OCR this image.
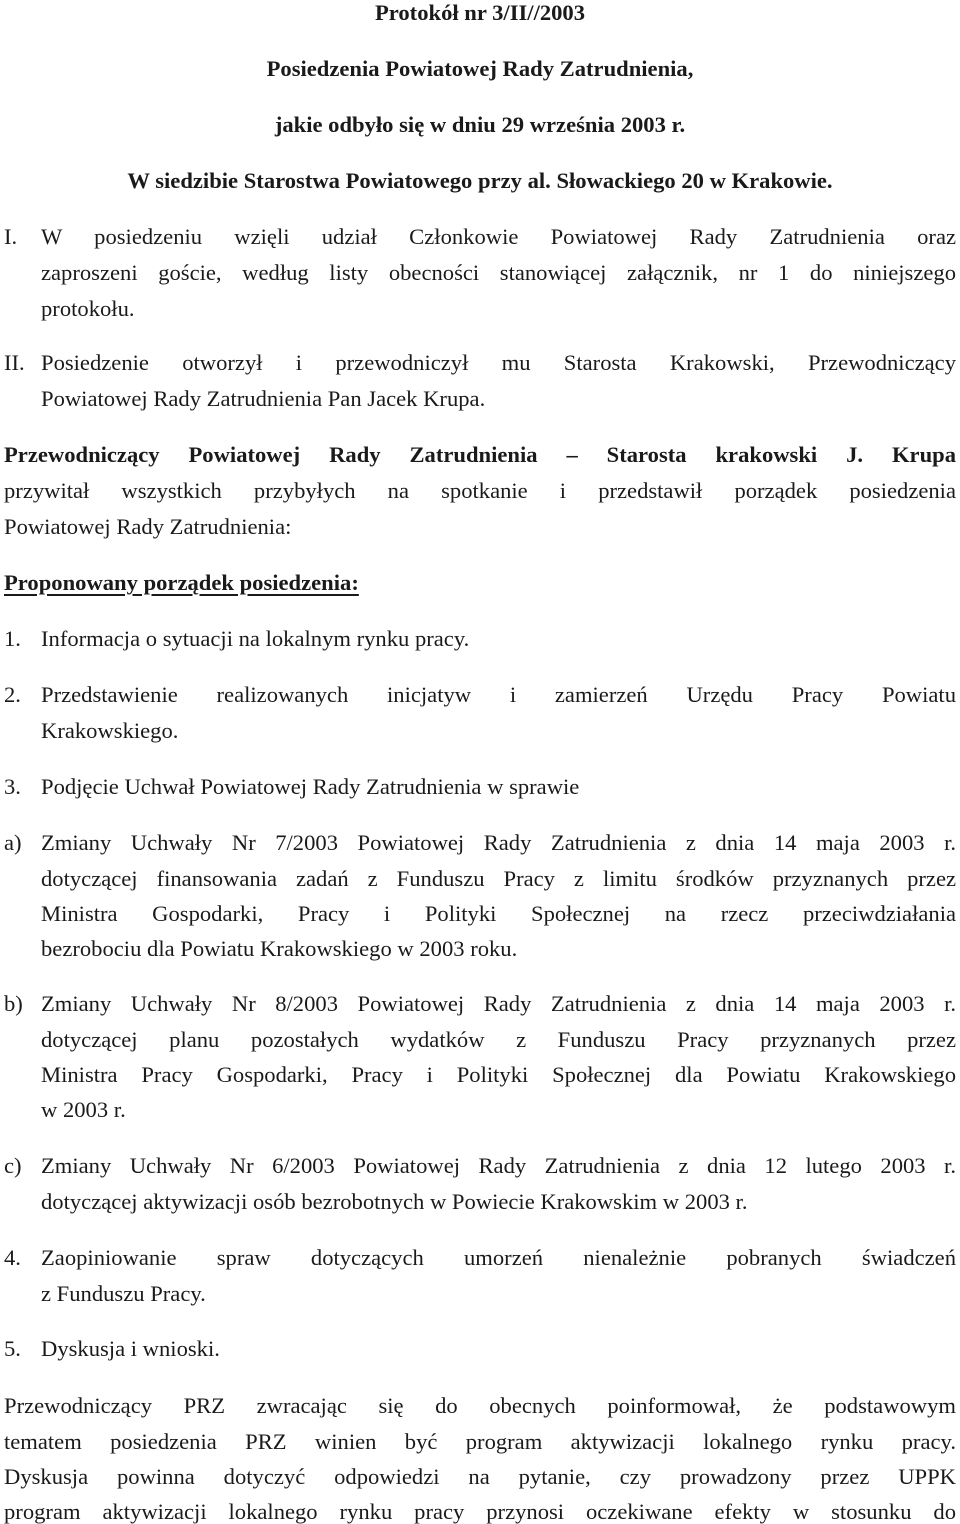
Protokół nr 3/II//2003
Posiedzenia Powiatowej Rady Zatrudnienia,
jakie odbyło się w dniu 29 września 2003 r.
W siedzibie Starostwa Powiatowego przy al. Słowackiego 20 w Krakowie.
I. W posiedzeniu wzięli udział Członkowie Powiatowej Rady Zatrudnienia oraz
zaproszeni goście, według listy obecności stanowiącej załącznik, nr 1 do niniejszego
protokołu.
II. Posiedzenie otworzył i przewodniczył mu Starosta Krakowski, Przewodniczący
Powiatowej Rady Zatrudnienia Pan Jacek Krupa.
Przewodniczący Powiatowej Rady Zatrudnienia – Starosta krakowski J. Krupa
przywitał wszystkich przybyłych na spotkanie i przedstawił porządek posiedzenia
Powiatowej Rady Zatrudnienia:
Proponowany porządek posiedzenia:
1. Informacja o sytuacji na lokalnym rynku pracy.
2. Przedstawienie realizowanych inicjatyw i zamierzeń Urzędu Pracy Powiatu
Krakowskiego.
3. Podjęcie Uchwał Powiatowej Rady Zatrudnienia w sprawie
a) Zmiany Uchwały Nr 7/2003 Powiatowej Rady Zatrudnienia z dnia 14 maja 2003 r.
dotyczącej finansowania zadań z Funduszu Pracy z limitu środków przyznanych przez
Ministra Gospodarki, Pracy i Polityki Społecznej na rzecz przeciwdziałania
bezrobociu dla Powiatu Krakowskiego w 2003 roku.
b) Zmiany Uchwały Nr 8/2003 Powiatowej Rady Zatrudnienia z dnia 14 maja 2003 r.
dotyczącej planu pozostałych wydatków z Funduszu Pracy przyznanych przez
Ministra Pracy Gospodarki, Pracy i Polityki Społecznej dla Powiatu Krakowskiego
w 2003 r.
c) Zmiany Uchwały Nr 6/2003 Powiatowej Rady Zatrudnienia z dnia 12 lutego 2003 r.
dotyczącej aktywizacji osób bezrobotnych w Powiecie Krakowskim w 2003 r.
4. Zaopiniowanie spraw dotyczących umorzeń nienależnie pobranych świadczeń
z Funduszu Pracy.
5. Dyskusja i wnioski.
Przewodniczący PRZ zwracając się do obecnych poinformował, że podstawowym
tematem posiedzenia PRZ winien być program aktywizacji lokalnego rynku pracy.
Dyskusja powinna dotyczyć odpowiedzi na pytanie, czy prowadzony przez UPPK
program aktywizacji lokalnego rynku pracy przynosi oczekiwane efekty w stosunku do
